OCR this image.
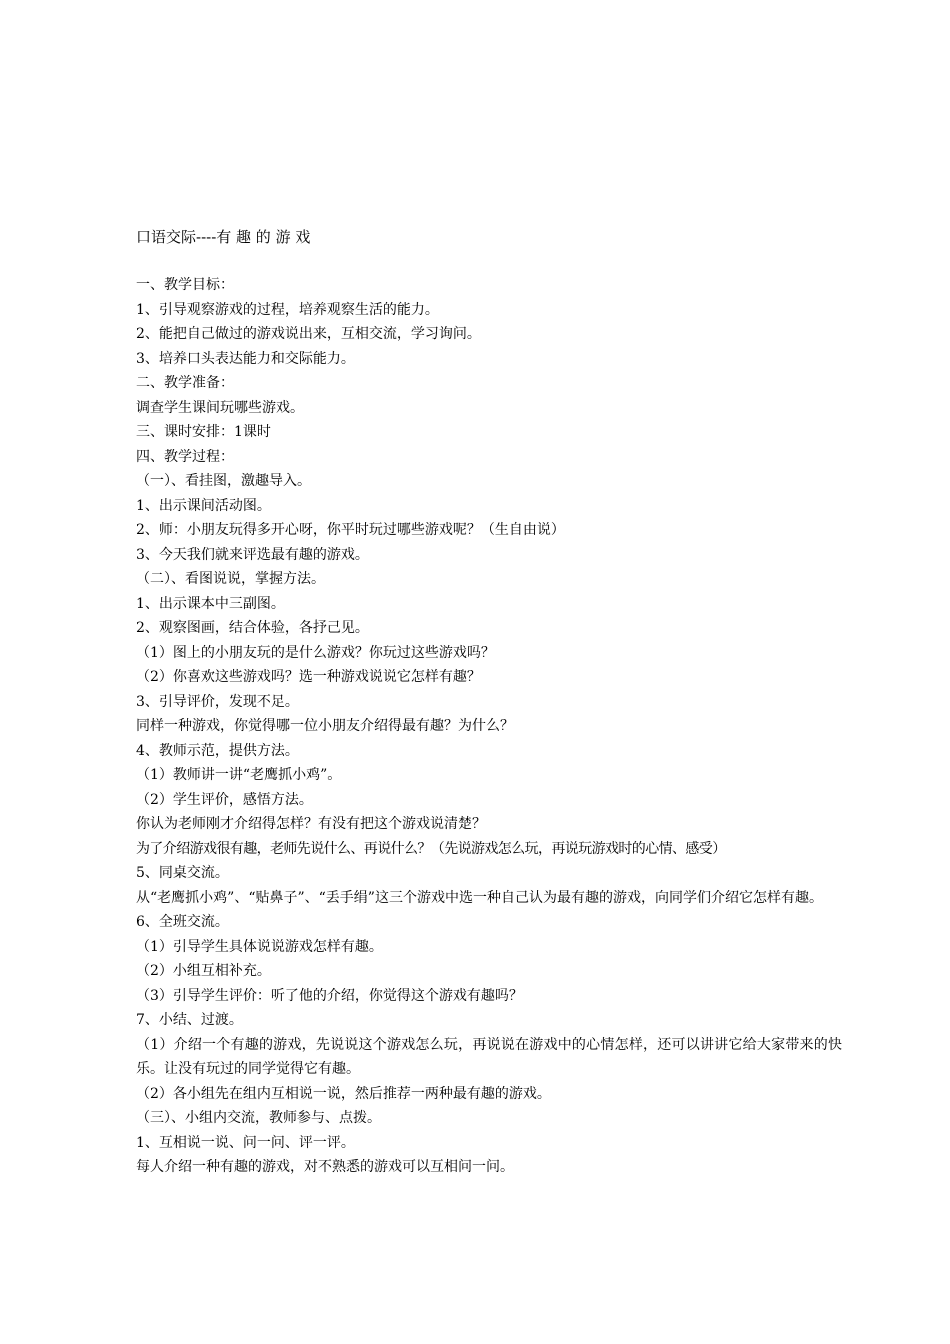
口语交际----有 趣 的 游 戏

一、教学目标：

1、引导观察游戏的过程，培养观察生活的能力。

2、能把自己做过的游戏说出来，互相交流，学习询问。

3、培养口头表达能力和交际能力。

二、教学准备：

调查学生课间玩哪些游戏。

三、课时安排：1课时

四、教学过程：

（一）、看挂图，激趣导入。

1、出示课间活动图。

2、师：小朋友玩得多开心呀，你平时玩过哪些游戏呢？（生自由说）

3、今天我们就来评选最有趣的游戏。

（二）、看图说说，掌握方法。

1、出示课本中三副图。

2、观察图画，结合体验，各抒己见。

（1）图上的小朋友玩的是什么游戏？你玩过这些游戏吗？

（2）你喜欢这些游戏吗？选一种游戏说说它怎样有趣？

3、引导评价，发现不足。

同样一种游戏，你觉得哪一位小朋友介绍得最有趣？为什么？

4、教师示范，提供方法。

（1）教师讲一讲“老鹰抓小鸡”。

（2）学生评价，感悟方法。

你认为老师刚才介绍得怎样？有没有把这个游戏说清楚？

为了介绍游戏很有趣，老师先说什么、再说什么？（先说游戏怎么玩，再说玩游戏时的心情、感受）

5、同桌交流。

从“老鹰抓小鸡”、“贴鼻子”、“丢手绢”这三个游戏中选一种自己认为最有趣的游戏，向同学们介绍它怎样有趣。

6、全班交流。

（1）引导学生具体说说游戏怎样有趣。

（2）小组互相补充。

（3）引导学生评价：听了他的介绍，你觉得这个游戏有趣吗？

7、小结、过渡。

（1）介绍一个有趣的游戏，先说说这个游戏怎么玩，再说说在游戏中的心情怎样，还可以讲讲它给大家带来的快乐。让没有玩过的同学觉得它有趣。

（2）各小组先在组内互相说一说，然后推荐一两种最有趣的游戏。

（三）、小组内交流，教师参与、点拨。

1、互相说一说、问一问、评一评。

每人介绍一种有趣的游戏，对不熟悉的游戏可以互相问一问。
